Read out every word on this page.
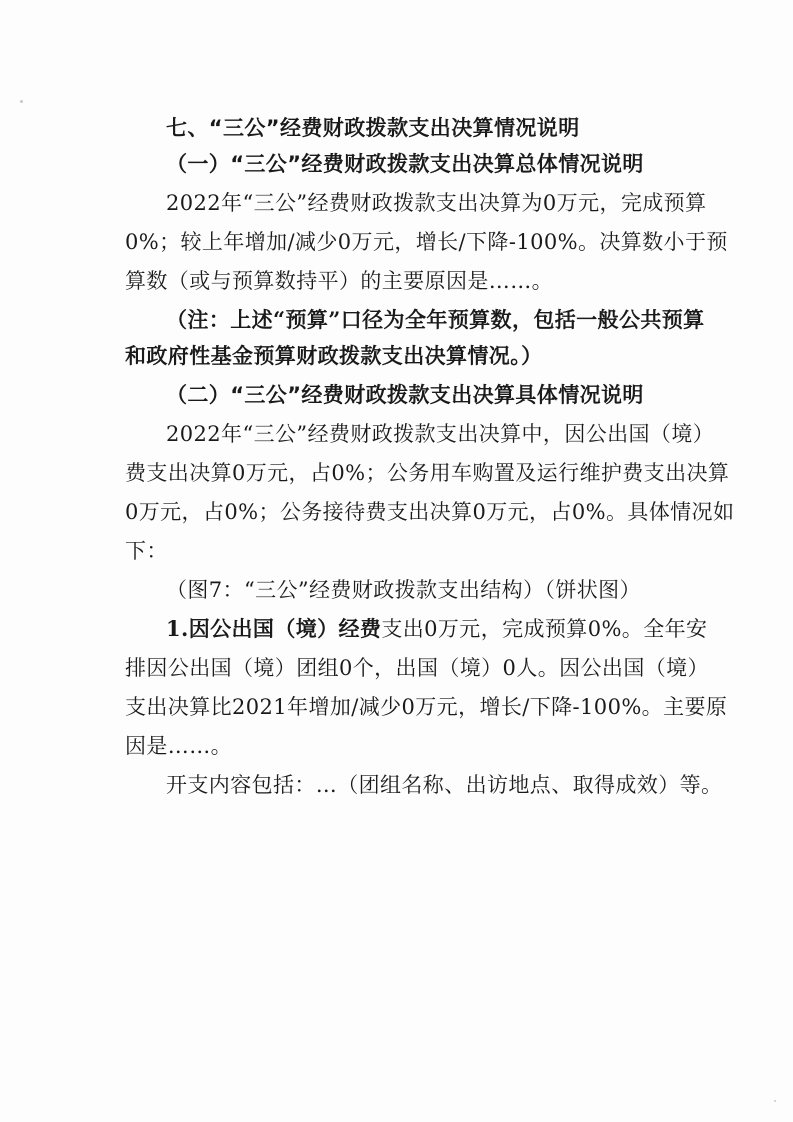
七、“三公”经费财政拨款支出决算情况说明
（一）“三公”经费财政拨款支出决算总体情况说明
2022年“三公”经费财政拨款支出决算为0万元，完成预算
0%；较上年增加/减少0万元，增长/下降-100%。决算数小于预
算数（或与预算数持平）的主要原因是……。
（注：上述“预算”口径为全年预算数，包括一般公共预算
和政府性基金预算财政拨款支出决算情况。）
（二）“三公”经费财政拨款支出决算具体情况说明
2022年“三公”经费财政拨款支出决算中，因公出国（境）
费支出决算0万元，占0%；公务用车购置及运行维护费支出决算
0万元，占0%；公务接待费支出决算0万元，占0%。具体情况如
下：
（图7：“三公”经费财政拨款支出结构）（饼状图）
1.因公出国（境）经费支出0万元，完成预算0%。全年安
排因公出国（境）团组0个，出国（境）0人。因公出国（境）
支出决算比2021年增加/减少0万元，增长/下降-100%。主要原
因是……。
开支内容包括：…（团组名称、出访地点、取得成效）等。
